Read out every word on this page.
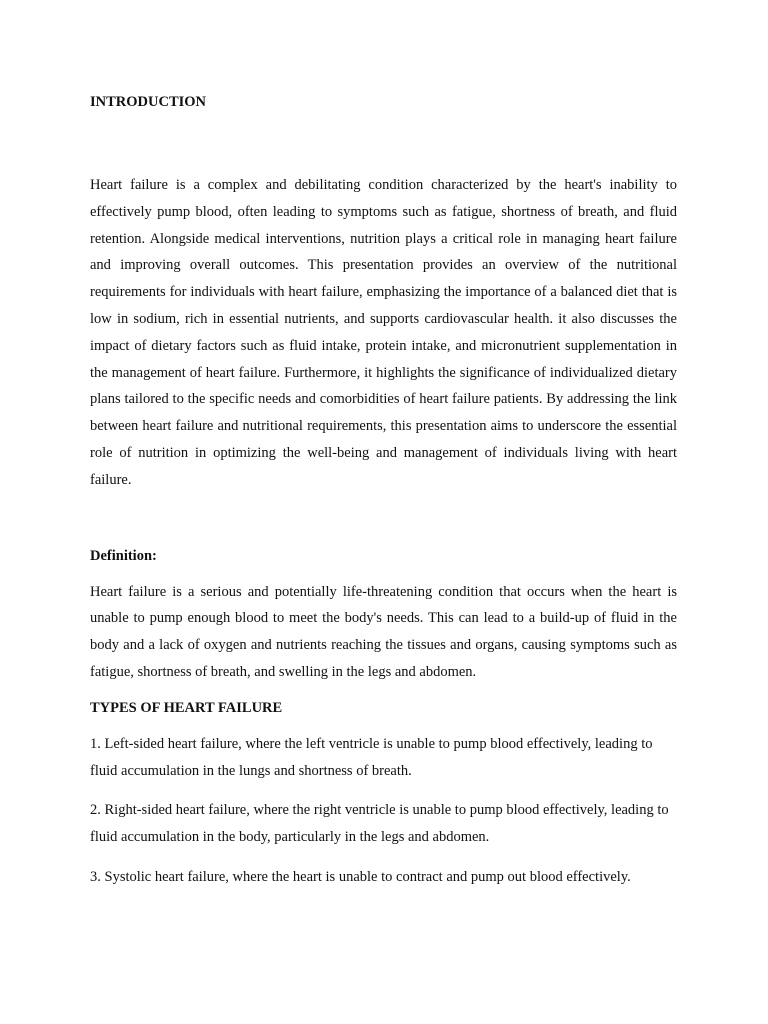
INTRODUCTION

Heart failure is a complex and debilitating condition characterized by the heart's inability to effectively pump blood, often leading to symptoms such as fatigue, shortness of breath, and fluid retention. Alongside medical interventions, nutrition plays a critical role in managing heart failure and improving overall outcomes. This presentation provides an overview of the nutritional requirements for individuals with heart failure, emphasizing the importance of a balanced diet that is low in sodium, rich in essential nutrients, and supports cardiovascular health. it also discusses the impact of dietary factors such as fluid intake, protein intake, and micronutrient supplementation in the management of heart failure. Furthermore, it highlights the significance of individualized dietary plans tailored to the specific needs and comorbidities of heart failure patients. By addressing the link between heart failure and nutritional requirements, this presentation aims to underscore the essential role of nutrition in optimizing the well-being and management of individuals living with heart failure.

Definition:

Heart failure is a serious and potentially life-threatening condition that occurs when the heart is unable to pump enough blood to meet the body's needs. This can lead to a build-up of fluid in the body and a lack of oxygen and nutrients reaching the tissues and organs, causing symptoms such as fatigue, shortness of breath, and swelling in the legs and abdomen.

TYPES OF HEART FAILURE

1. Left-sided heart failure, where the left ventricle is unable to pump blood effectively, leading to fluid accumulation in the lungs and shortness of breath.

2. Right-sided heart failure, where the right ventricle is unable to pump blood effectively, leading to fluid accumulation in the body, particularly in the legs and abdomen.

3. Systolic heart failure, where the heart is unable to contract and pump out blood effectively.
